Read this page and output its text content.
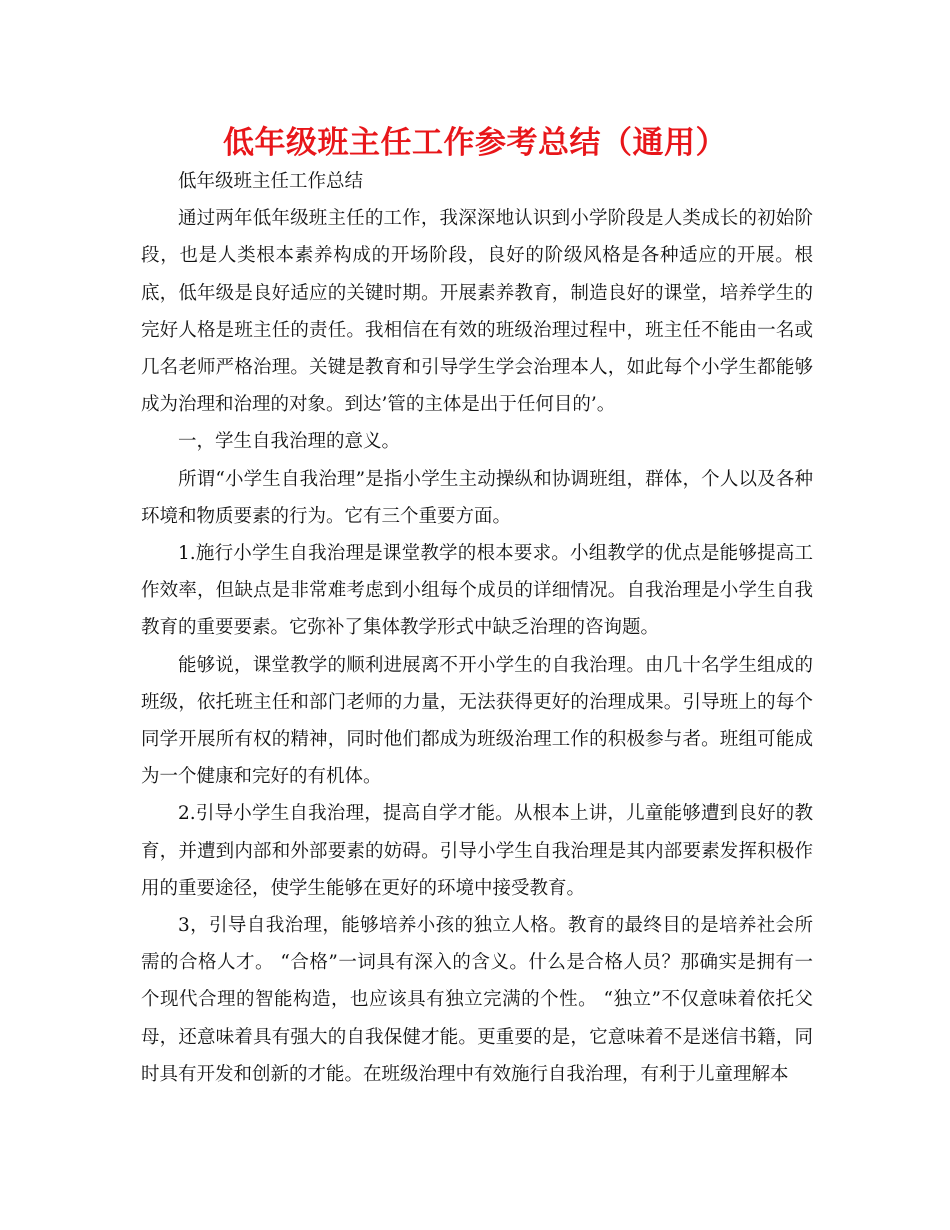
低年级班主任工作参考总结（通用）

低年级班主任工作总结

通过两年低年级班主任的工作，我深深地认识到小学阶段是人类成长的初始阶段，也是人类根本素养构成的开场阶段，良好的阶级风格是各种适应的开展。根底，低年级是良好适应的关键时期。开展素养教育，制造良好的课堂，培养学生的完好人格是班主任的责任。我相信在有效的班级治理过程中，班主任不能由一名或几名老师严格治理。关键是教育和引导学生学会治理本人，如此每个小学生都能够成为治理和治理的对象。到达’管的主体是出于任何目的’。

一，学生自我治理的意义。

所谓“小学生自我治理”是指小学生主动操纵和协调班组，群体，个人以及各种环境和物质要素的行为。它有三个重要方面。

1.施行小学生自我治理是课堂教学的根本要求。小组教学的优点是能够提高工作效率，但缺点是非常难考虑到小组每个成员的详细情况。自我治理是小学生自我教育的重要要素。它弥补了集体教学形式中缺乏治理的咨询题。

能够说，课堂教学的顺利进展离不开小学生的自我治理。由几十名学生组成的班级，依托班主任和部门老师的力量，无法获得更好的治理成果。引导班上的每个同学开展所有权的精神，同时他们都成为班级治理工作的积极参与者。班组可能成为一个健康和完好的有机体。

2.引导小学生自我治理，提高自学才能。从根本上讲，儿童能够遭到良好的教育，并遭到内部和外部要素的妨碍。引导小学生自我治理是其内部要素发挥积极作用的重要途径，使学生能够在更好的环境中接受教育。

3，引导自我治理，能够培养小孩的独立人格。教育的最终目的是培养社会所需的合格人才。 “合格”一词具有深入的含义。什么是合格人员？那确实是拥有一个现代合理的智能构造，也应该具有独立完满的个性。 “独立”不仅意味着依托父母，还意味着具有强大的自我保健才能。更重要的是，它意味着不是迷信书籍，同时具有开发和创新的才能。在班级治理中有效施行自我治理，有利于儿童理解本
